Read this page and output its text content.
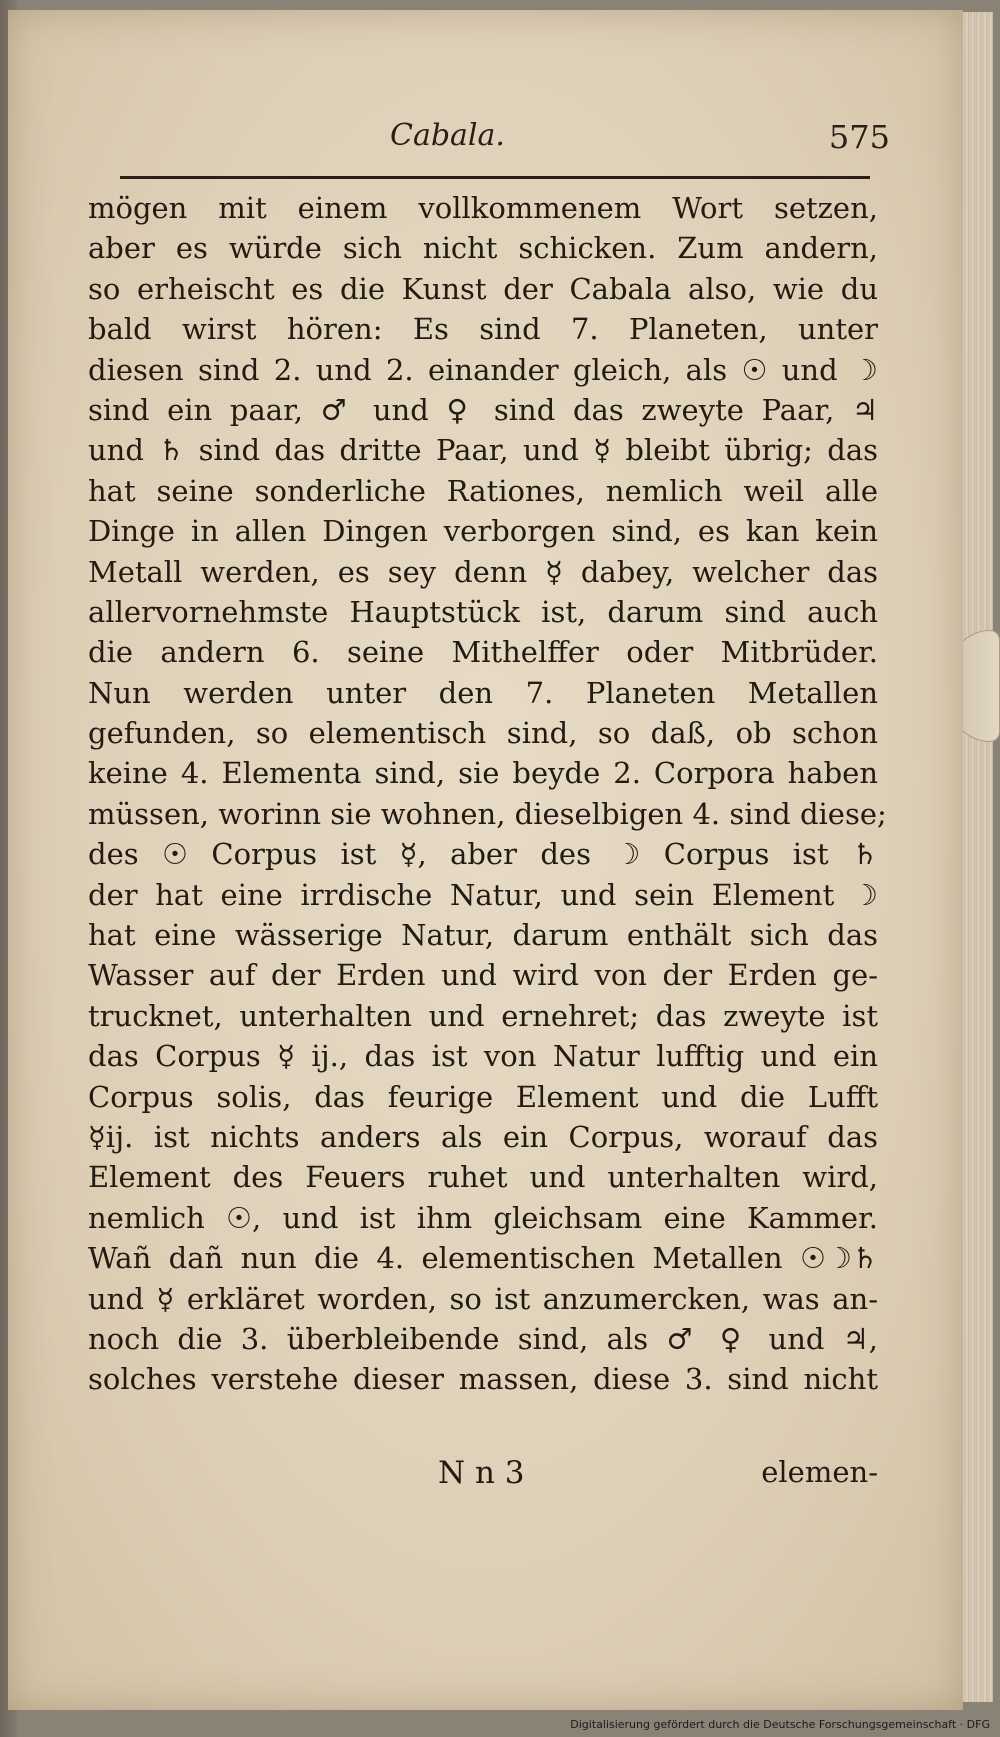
Cabala.	575
mögen mit einem vollkommenem Wort setzen,
aber es würde sich nicht schicken. Zum andern,
so erheischt es die Kunst der Cabala also, wie du
bald wirst hören: Es sind 7. Planeten, unter
diesen sind 2. und 2. einander gleich, als ☉ und ☽
sind ein paar, ♂ und ♀ sind das zweyte Paar, ♃
und ♄ sind das dritte Paar, und ☿ bleibt übrig; das
hat seine sonderliche Rationes, nemlich weil alle
Dinge in allen Dingen verborgen sind, es kan kein
Metall werden, es sey denn ☿ dabey, welcher das
allervornehmste Hauptstück ist, darum sind auch
die andern 6. seine Mithelffer oder Mitbrüder.
Nun werden unter den 7. Planeten Metallen
gefunden, so elementisch sind, so daß, ob schon
keine 4. Elementa sind, sie beyde 2. Corpora haben
müssen, worinn sie wohnen, dieselbigen 4. sind diese;
des ☉ Corpus ist ☿, aber des ☽ Corpus ist ♄
der hat eine irrdische Natur, und sein Element ☽
hat eine wässerige Natur, darum enthält sich das
Wasser auf der Erden und wird von der Erden ge-
trucknet, unterhalten und ernehret; das zweyte ist
das Corpus ☿ ij., das ist von Natur lufftig und ein
Corpus solis, das feurige Element und die Lufft
☿ij. ist nichts anders als ein Corpus, worauf das
Element des Feuers ruhet und unterhalten wird,
nemlich ☉, und ist ihm gleichsam eine Kammer.
Wañ dañ nun die 4. elementischen Metallen ☉☽♄
und ☿ erkläret worden, so ist anzumercken, was an-
noch die 3. überbleibende sind, als ♂ ♀ und ♃,
solches verstehe dieser massen, diese 3. sind nicht
N n 3	elemen-
Digitalisierung gefördert durch die Deutsche Forschungsgemeinschaft · DFG
